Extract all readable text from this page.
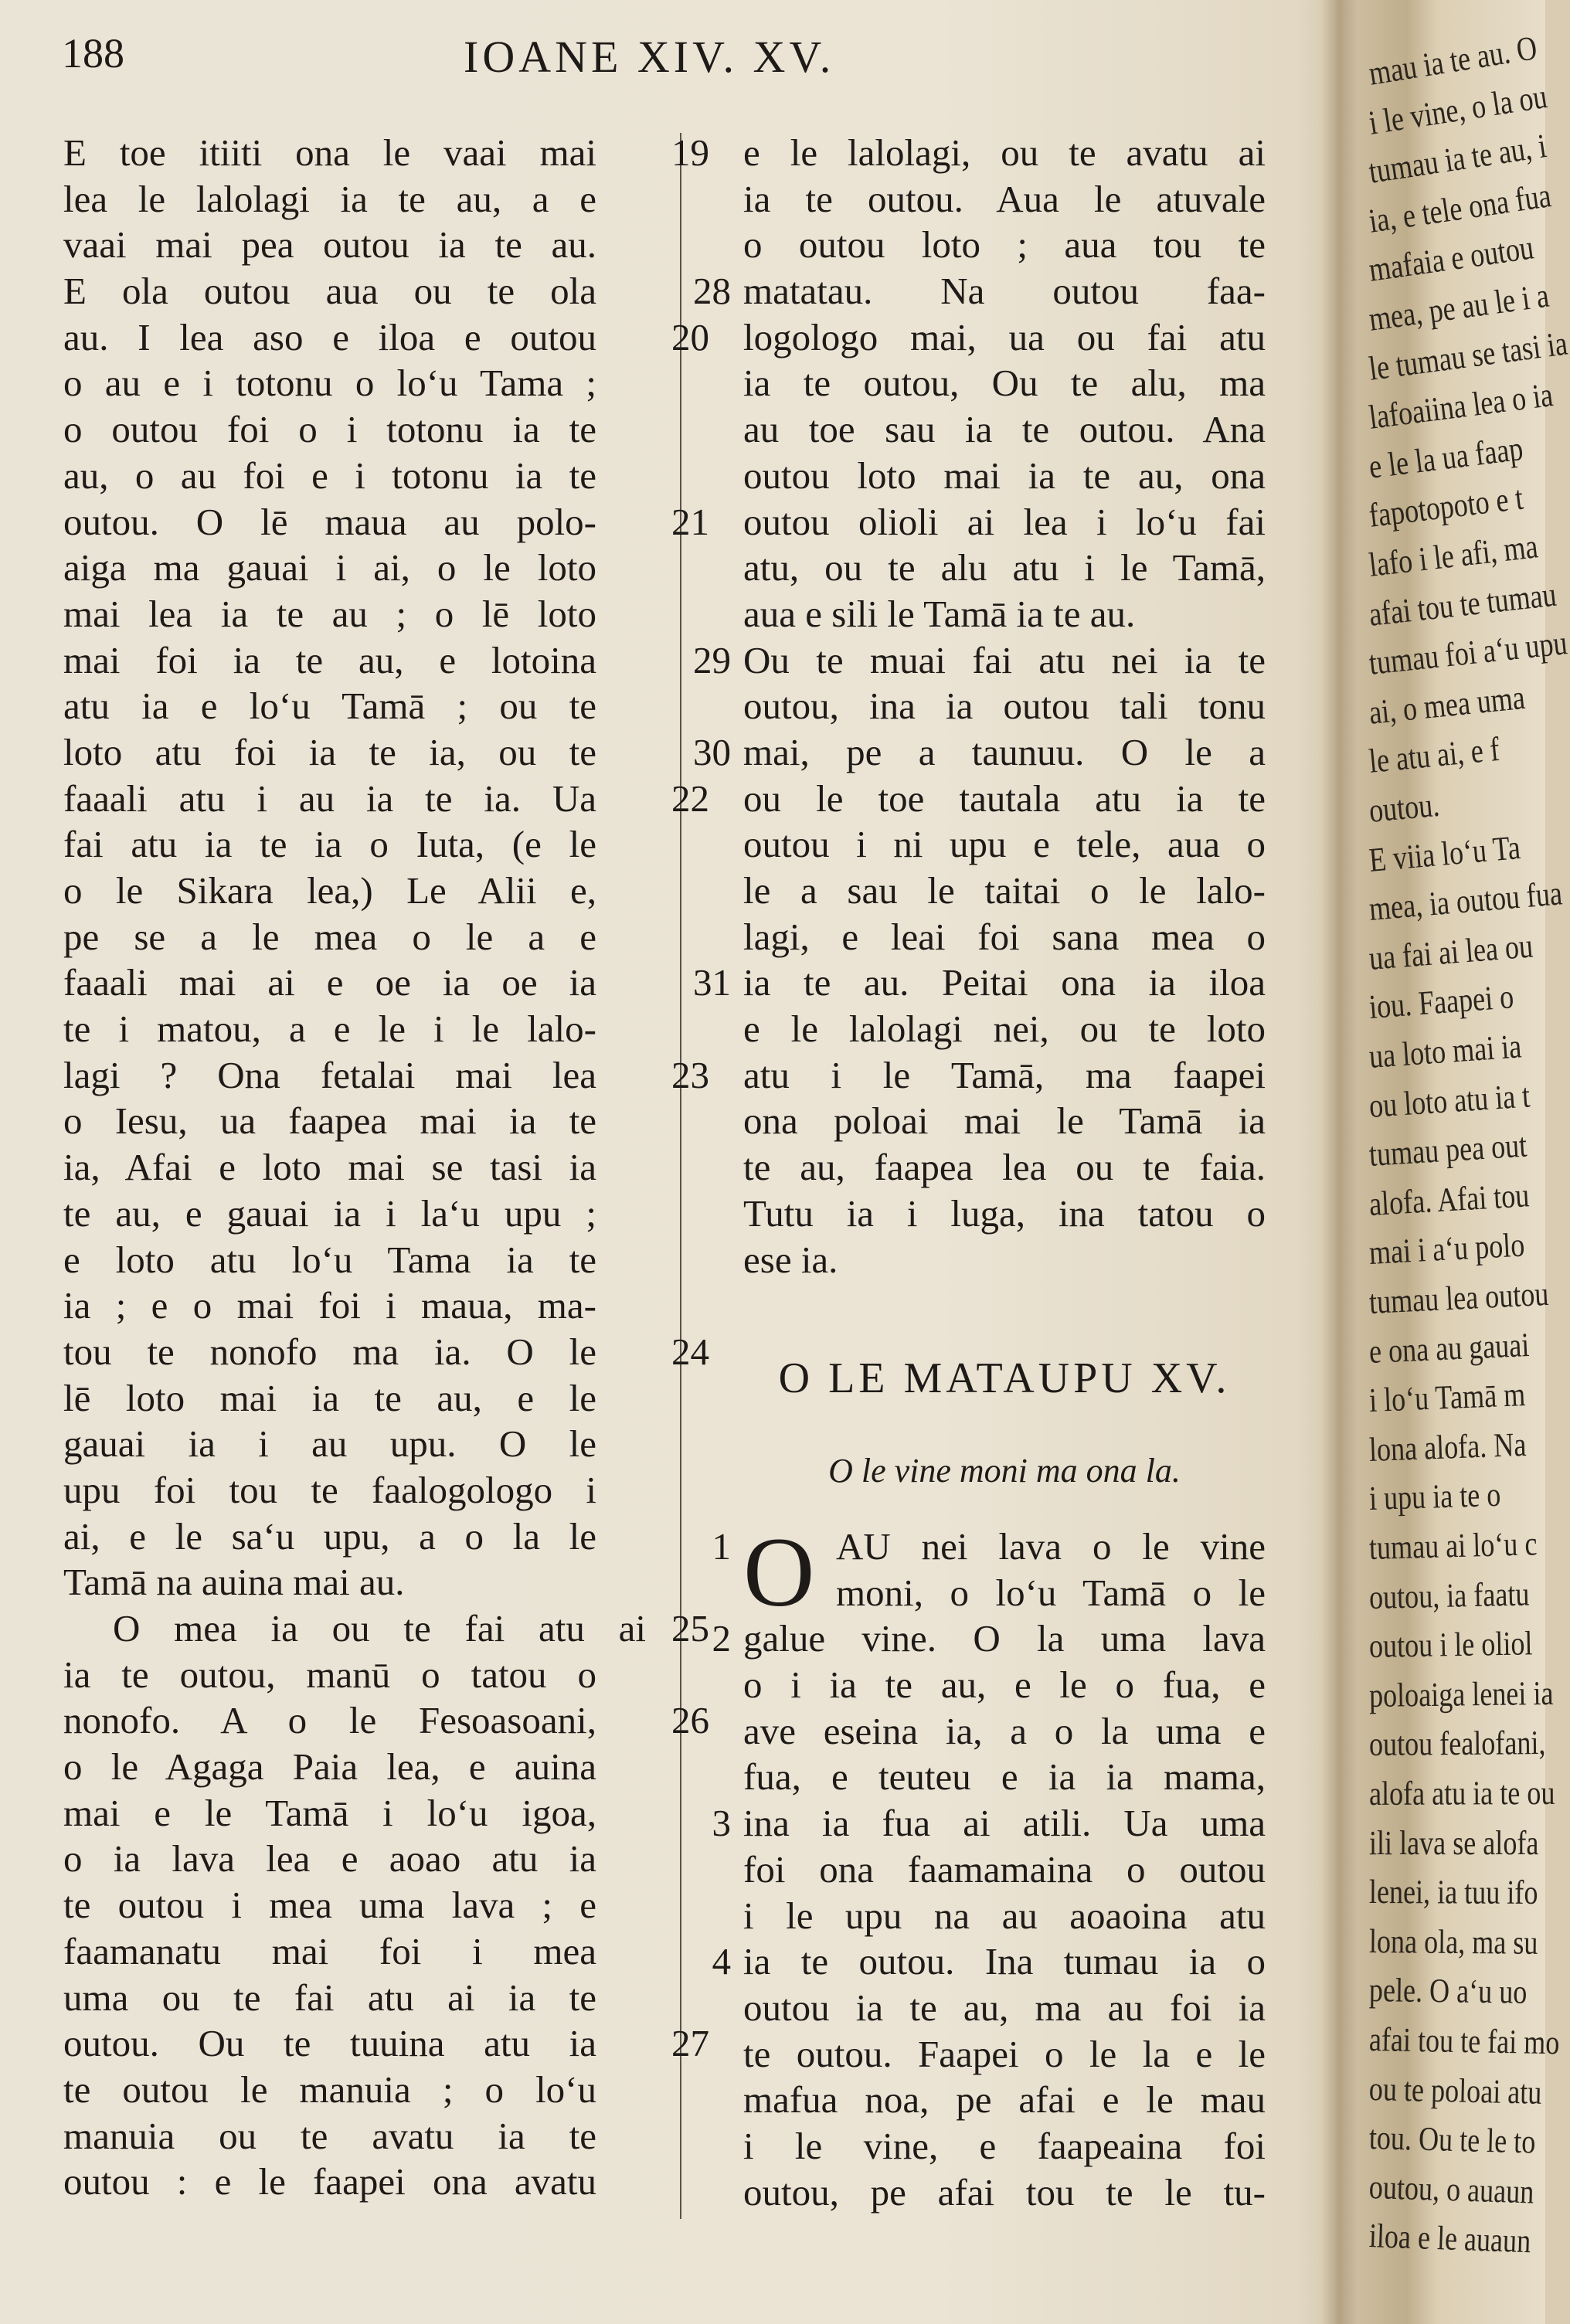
188	IOANE XIV. XV.
E toe itiiti ona le vaai mai	19
lea le lalolagi ia te au, a e
vaai mai pea outou ia te au.
E ola outou aua ou te ola
au. I lea aso e iloa e outou	20
o au e i totonu o lo‘u Tama ;
o outou foi o i totonu ia te
au, o au foi e i totonu ia te
outou. O lē maua au polo-	21
aiga ma gauai i ai, o le loto
mai lea ia te au ; o lē loto
mai foi ia te au, e lotoina
atu ia e lo‘u Tamā ; ou te
loto atu foi ia te ia, ou te
faaali atu i au ia te ia. Ua	22
fai atu ia te ia o Iuta, (e le
o le Sikara lea,) Le Alii e,
pe se a le mea o le a e
faaali mai ai e oe ia oe ia
te i matou, a e le i le lalo-
lagi ? Ona fetalai mai lea	23
o Iesu, ua faapea mai ia te
ia, Afai e loto mai se tasi ia
te au, e gauai ia i la‘u upu ;
e loto atu lo‘u Tama ia te
ia ; e o mai foi i maua, ma-
tou te nonofo ma ia. O le	24
lē loto mai ia te au, e le
gauai ia i au upu. O le
upu foi tou te faalogologo i
ai, e le sa‘u upu, a o la le
Tamā na auina mai au.
O mea ia ou te fai atu ai 25
ia te outou, manū o tatou o
nonofo. A o le Fesoasoani,	26
o le Agaga Paia lea, e auina
mai e le Tamā i lo‘u igoa,
o ia lava lea e aoao atu ia
te outou i mea uma lava ; e
faamanatu mai foi i mea
uma ou te fai atu ai ia te
outou. Ou te tuuina atu ia	27
te outou le manuia ; o lo‘u
manuia ou te avatu ia te
outou : e le faapei ona avatu
e le lalolagi, ou te avatu ai
ia te outou. Aua le atuvale
o outou loto ; aua tou te
matatau. Na outou faa-
28
logologo mai, ua ou fai atu
ia te outou, Ou te alu, ma
au toe sau ia te outou. Ana
outou loto mai ia te au, ona
outou olioli ai lea i lo‘u fai
atu, ou te alu atu i le Tamā,
aua e sili le Tamā ia te au.
Ou te muai fai atu nei ia te
29
outou, ina ia outou tali tonu
mai, pe a taunuu. O le a
30
ou le toe tautala atu ia te
outou i ni upu e tele, aua o
le a sau le taitai o le lalo-
lagi, e leai foi sana mea o
ia te au. Peitai ona ia iloa
31
e le lalolagi nei, ou te loto
atu i le Tamā, ma faapei
ona poloai mai le Tamā ia
te au, faapea lea ou te faia.
Tutu ia i luga, ina tatou o
ese ia.
O LE MATAUPU XV.
O le vine moni ma ona la.
O AU nei lava o le vine
1
moni, o lo‘u Tamā o le
galue vine. O la uma lava
2
o i ia te au, e le o fua, e
ave eseina ia, a o la uma e
fua, e teuteu e ia ia mama,
ina ia fua ai atili. Ua uma
3
foi ona faamamaina o outou
i le upu na au aoaoina atu
ia te outou. Ina tumau ia o
4
outou ia te au, ma au foi ia
te outou. Faapei o le la e le
mafua noa, pe afai e le mau
i le vine, e faapeaina foi
outou, pe afai tou te le tu-
mau ia te au. O
i le vine, o la ou
tumau ia te au, i
ia, e tele ona fua
mafaia e outou
mea, pe au le i a
le tumau se tasi ia
lafoaiina lea o ia
e le la ua faap
fapotopoto e t
lafo i le afi, ma
afai tou te tumau
tumau foi a‘u upu
ai, o mea uma
le atu ai, e f
outou.
E viia lo‘u Ta
mea, ia outou fua
ua fai ai lea ou
iou. Faapei o
ua loto mai ia
ou loto atu ia t
tumau pea out
alofa. Afai tou
mai i a‘u polo
tumau lea outou
e ona au gauai
i lo‘u Tamā m
lona alofa. Na
i upu ia te o
tumau ai lo‘u c
outou, ia faatu
outou i le oliol
poloaiga lenei ia
outou fealofani,
alofa atu ia te ou
ili lava se alofa
lenei, ia tuu ifo
lona ola, ma su
pele. O a‘u uo
afai tou te fai mo
ou te poloai atu
tou. Ou te le to
outou, o auaun
iloa e le auaun
